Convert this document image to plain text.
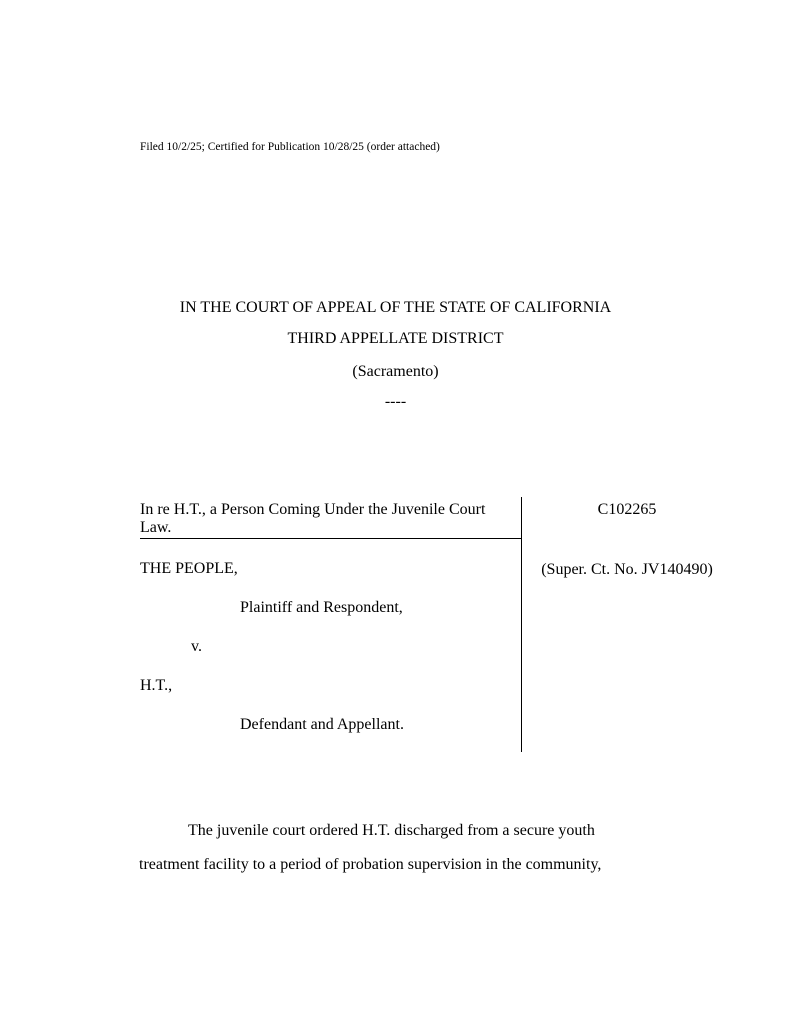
Filed 10/2/25; Certified for Publication 10/28/25 (order attached)
IN THE COURT OF APPEAL OF THE STATE OF CALIFORNIA
THIRD APPELLATE DISTRICT
(Sacramento)
----
In re H.T., a Person Coming Under the Juvenile Court Law.
THE PEOPLE,
Plaintiff and Respondent,
v.
H.T.,
Defendant and Appellant.
C102265
(Super. Ct. No. JV140490)
The juvenile court ordered H.T. discharged from a secure youth
treatment facility to a period of probation supervision in the community,
